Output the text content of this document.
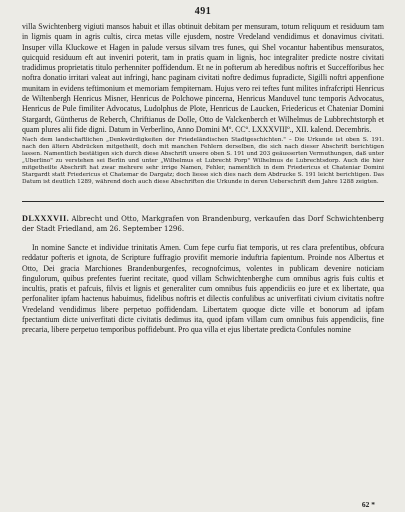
491

villa Swichtenberg vigiuti mansos habuit et illas obtinuit debitam per mensuram, totum reliquum et residuum tam in ligmis quam in agris cultis, circa metas ville ejusdem, nostre Vredeland vendidimus et donavimus civitati. Insuper villa Kluckowe et Hagen in palude versus silvam tres funes, qui Shel vocantur habentibus mensuratos, quicquid residuum eft aut inveniri poterit, tam in pratis quam in lignis, hoc integraliter predicte nostre civitati tradidimus proprietatis titulo perhenniter poffidendum. Et ne in pofterum ab heredibus noftris et Succefforibus hec noftra donatio irritari valeat aut infringi, hanc paginam civitati noftre dedimus fupradicte, Sigilli noftri appenfione munitam in evidens teftimonium et memoriam fempiternam. Hujus vero rei teftes funt milites infrafcripti Henricus de Wiltenbergh Henricus Misner, Henricus de Polchowe pincerna, Henricus Manduvel tunc temporis Advocatus, Henricus de Pule fimiliter Advocatus, Ludolphus de Plote, Henricus de Laucken, Friedericus et Chateniar Domini Stargardt, Güntherus de Reberch, Chriftianus de Dolle, Otto de Valckenberch et Wilhelmus de Lubbrechtstorph et quam plures alii fide digni. Datum in Verberlino, Anno Domini Mº. CCº. LXXXVIIIº., XII. kalend. Decembris.

Nach dem landschaftlichen „Denkwürdigkeiten der Friedeländischen Stadtgeschichten." – Die Urkunde ist oben S. 191. nach den ältern Abdrücken mitgetheilt, doch mit manchen Fehlern derselben, die sich nach dieser Abschrift berichtigen lassen. Namentlich bestätigen sich durch diese Abschrift unsere oben S. 191 und 203 geäusserten Vermuthungen, daß unter „Uberlino" zu verstehen sei Berlin und unter „Wilhelmus et Lubrecht Porp" Wilhelmus de Lubrechtsdorp. Auch die hier mitgetheilte Abschrift hat zwar mehrere sehr irrige Namen, Fehler, namentlich in dem Friedericus et Chateniar Domini Stargardt statt Friedericus et Chatemar de Dargatz; doch liesse sich dies nach dem Abdrucke S. 191 leicht berichtigen. Das Datum ist deutlich 1289, während doch auch diese Abschriften die Urkunde in deren Ueberschrift dem Jahre 1288 zeigten.

DLXXXVII. Albrecht und Otto, Markgrafen von Brandenburg, verkaufen das Dorf Schwichtenberg der Stadt Friedland, am 26. September 1296.

In nomine Sancte et individue trinitatis Amen. Cum fepe curfu fiat temporis, ut res clara prefentibus, obfcura reddatur pofteris et ignota, de Scripture fuffragio provifit memorie induftria fapientum. Proinde nos Albertus et Otto, Dei gracia Marchiones Brandenburgenfes, recognofcimus, volentes in publicam devenire noticiam fingulorum, quibus prefentes fuerint recitate, quod villam Schwichtenberghe cum omnibus agris fuis cultis et incultis, pratis et pafcuis, filvis et lignis et generaliter cum omnibus fuis appendiciis eo jure et ex libertate, qua perfonaliter ipfam hactenus habuimus, fidelibus noftris et dilectis confulibus ac univerfitati civium civitatis noftre Vredeland vendidimus libere perpetuo poffidendam. Libertatem quoque dicte ville et bonorum ad ipfam fpectantium dicte univerfitati dicte civitatis dedimus ita, quod ipfam villam cum omnibus fuis appendiciis, fine precaria, libere perpetuo temporibus poffidebunt. Pro qua villa et ejus libertate predicta Confules nomine

62 *
